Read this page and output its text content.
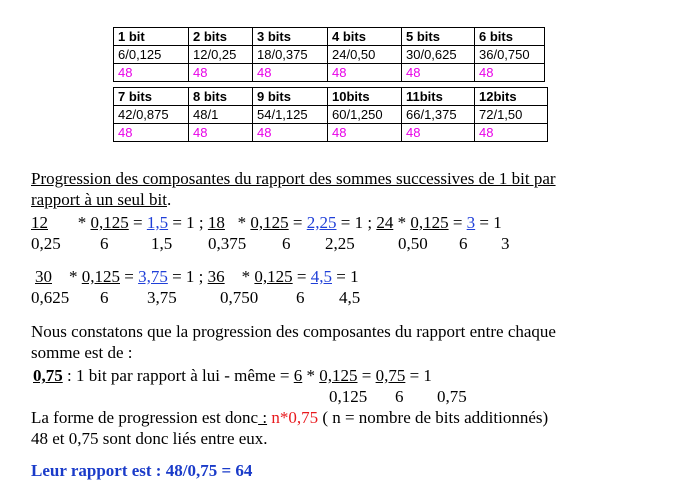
1 bit	2 bits	3 bits	4 bits	5 bits	6 bits
6/0,125	12/0,25	18/0,375	24/0,50	30/0,625	36/0,750
48	48	48	48	48	48
7 bits	8 bits	9 bits	10bits	11bits	12bits
42/0,875	48/1	54/1,125	60/1,250	66/1,375	72/1,50
48	48	48	48	48	48
Progression des composantes du rapport des sommes successives de 1 bit par
rapport à un seul bit.
12 * 0,125 = 1,5 = 1 ; 18 * 0,125 = 2,25 = 1 ; 24 * 0,125 = 3 = 1
0,25 6	1,5 0,375 6 2,25	0,50 6 3
30 * 0,125 = 3,75 = 1 ; 36 * 0,125 = 4,5 = 1
0,625 6 3,75	0,750 6 4,5
Nous constatons que la progression des composantes du rapport entre chaque
somme est de :
0,75 : 1 bit par rapport à lui - même = 6 * 0,125 = 0,75 = 1
0,125 6 0,75
La forme de progression est donc : n*0,75 ( n = nombre de bits additionnés)
48 et 0,75 sont donc liés entre eux.
Leur rapport est : 48/0,75 = 64
